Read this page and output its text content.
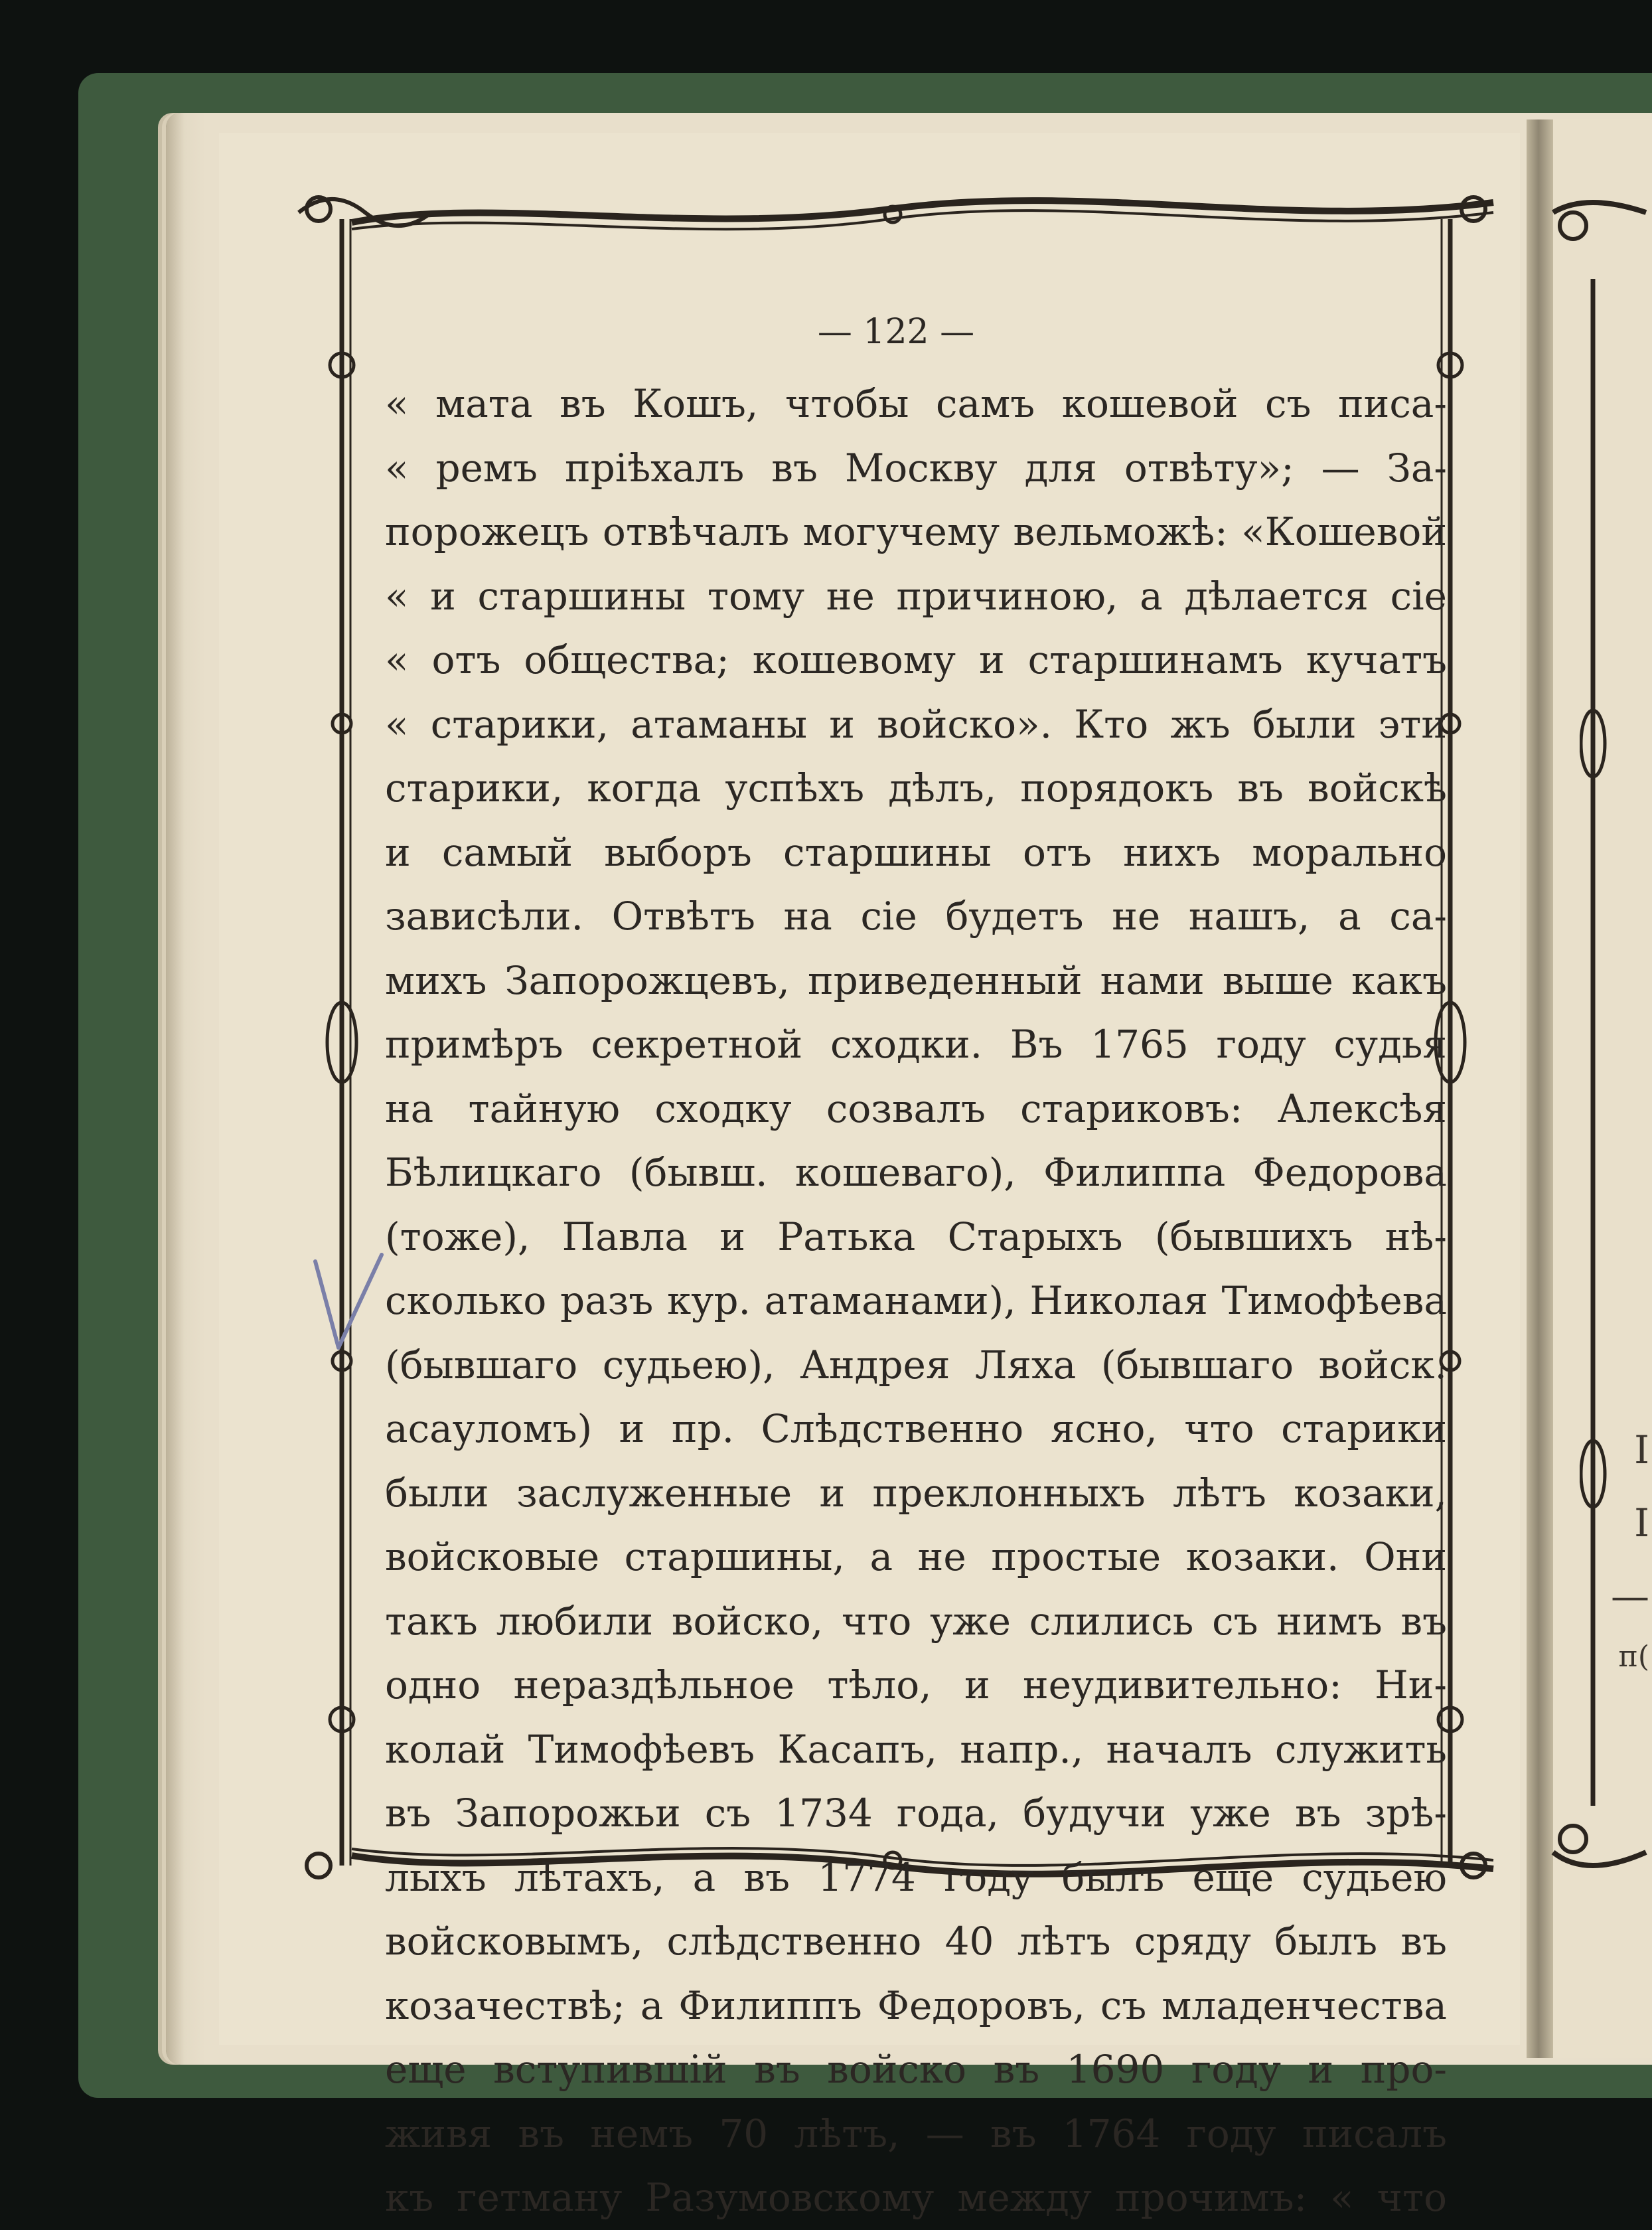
I
I
—
п(
— 122 —
« мата въ Кошъ, чтобы самъ кошевой съ писа-
« ремъ пріѣхалъ въ Москву для отвѣту»; — За-
порожецъ отвѣчалъ могучему вельможѣ: «Кошевой
« и старшины тому не причиною, а дѣлается сіе
« отъ общества; кошевому и старшинамъ кучатъ
« старики, атаманы и войско». Кто жъ были эти
старики, когда успѣхъ дѣлъ, порядокъ въ войскѣ
и самый выборъ старшины отъ нихъ морально
зависѣли. Отвѣтъ на сіе будетъ не нашъ, а са-
михъ Запорожцевъ, приведенный нами выше какъ
примѣръ секретной сходки. Въ 1765 году судья
на тайную сходку созвалъ стариковъ: Алексѣя
Бѣлицкаго (бывш. кошеваго), Филиппа Федорова
(тоже), Павла и Ратька Старыхъ (бывшихъ нѣ-
сколько разъ кур. атаманами), Николая Тимофѣева
(бывшаго судьею), Андрея Ляха (бывшаго войск.
асауломъ) и пр. Слѣдственно ясно, что старики
были заслуженные и преклонныхъ лѣтъ козаки,
войсковые старшины, а не простые козаки. Они
такъ любили войско, что уже слились съ нимъ въ
одно нераздѣльное тѣло, и неудивительно: Ни-
колай Тимофѣевъ Касапъ, напр., началъ служить
въ Запорожьи съ 1734 года, будучи уже въ зрѣ-
лыхъ лѣтахъ, а въ 1774 году былъ еще судьею
войсковымъ, слѣдственно 40 лѣтъ сряду былъ въ
козачествѣ; а Филиппъ Федоровъ, съ младенчества
еще вступившій въ войско въ 1690 году и про-
живя въ немъ 70 лѣтъ, — въ 1764 году писалъ
къ гетману Разумовскому между прочимъ: « что
